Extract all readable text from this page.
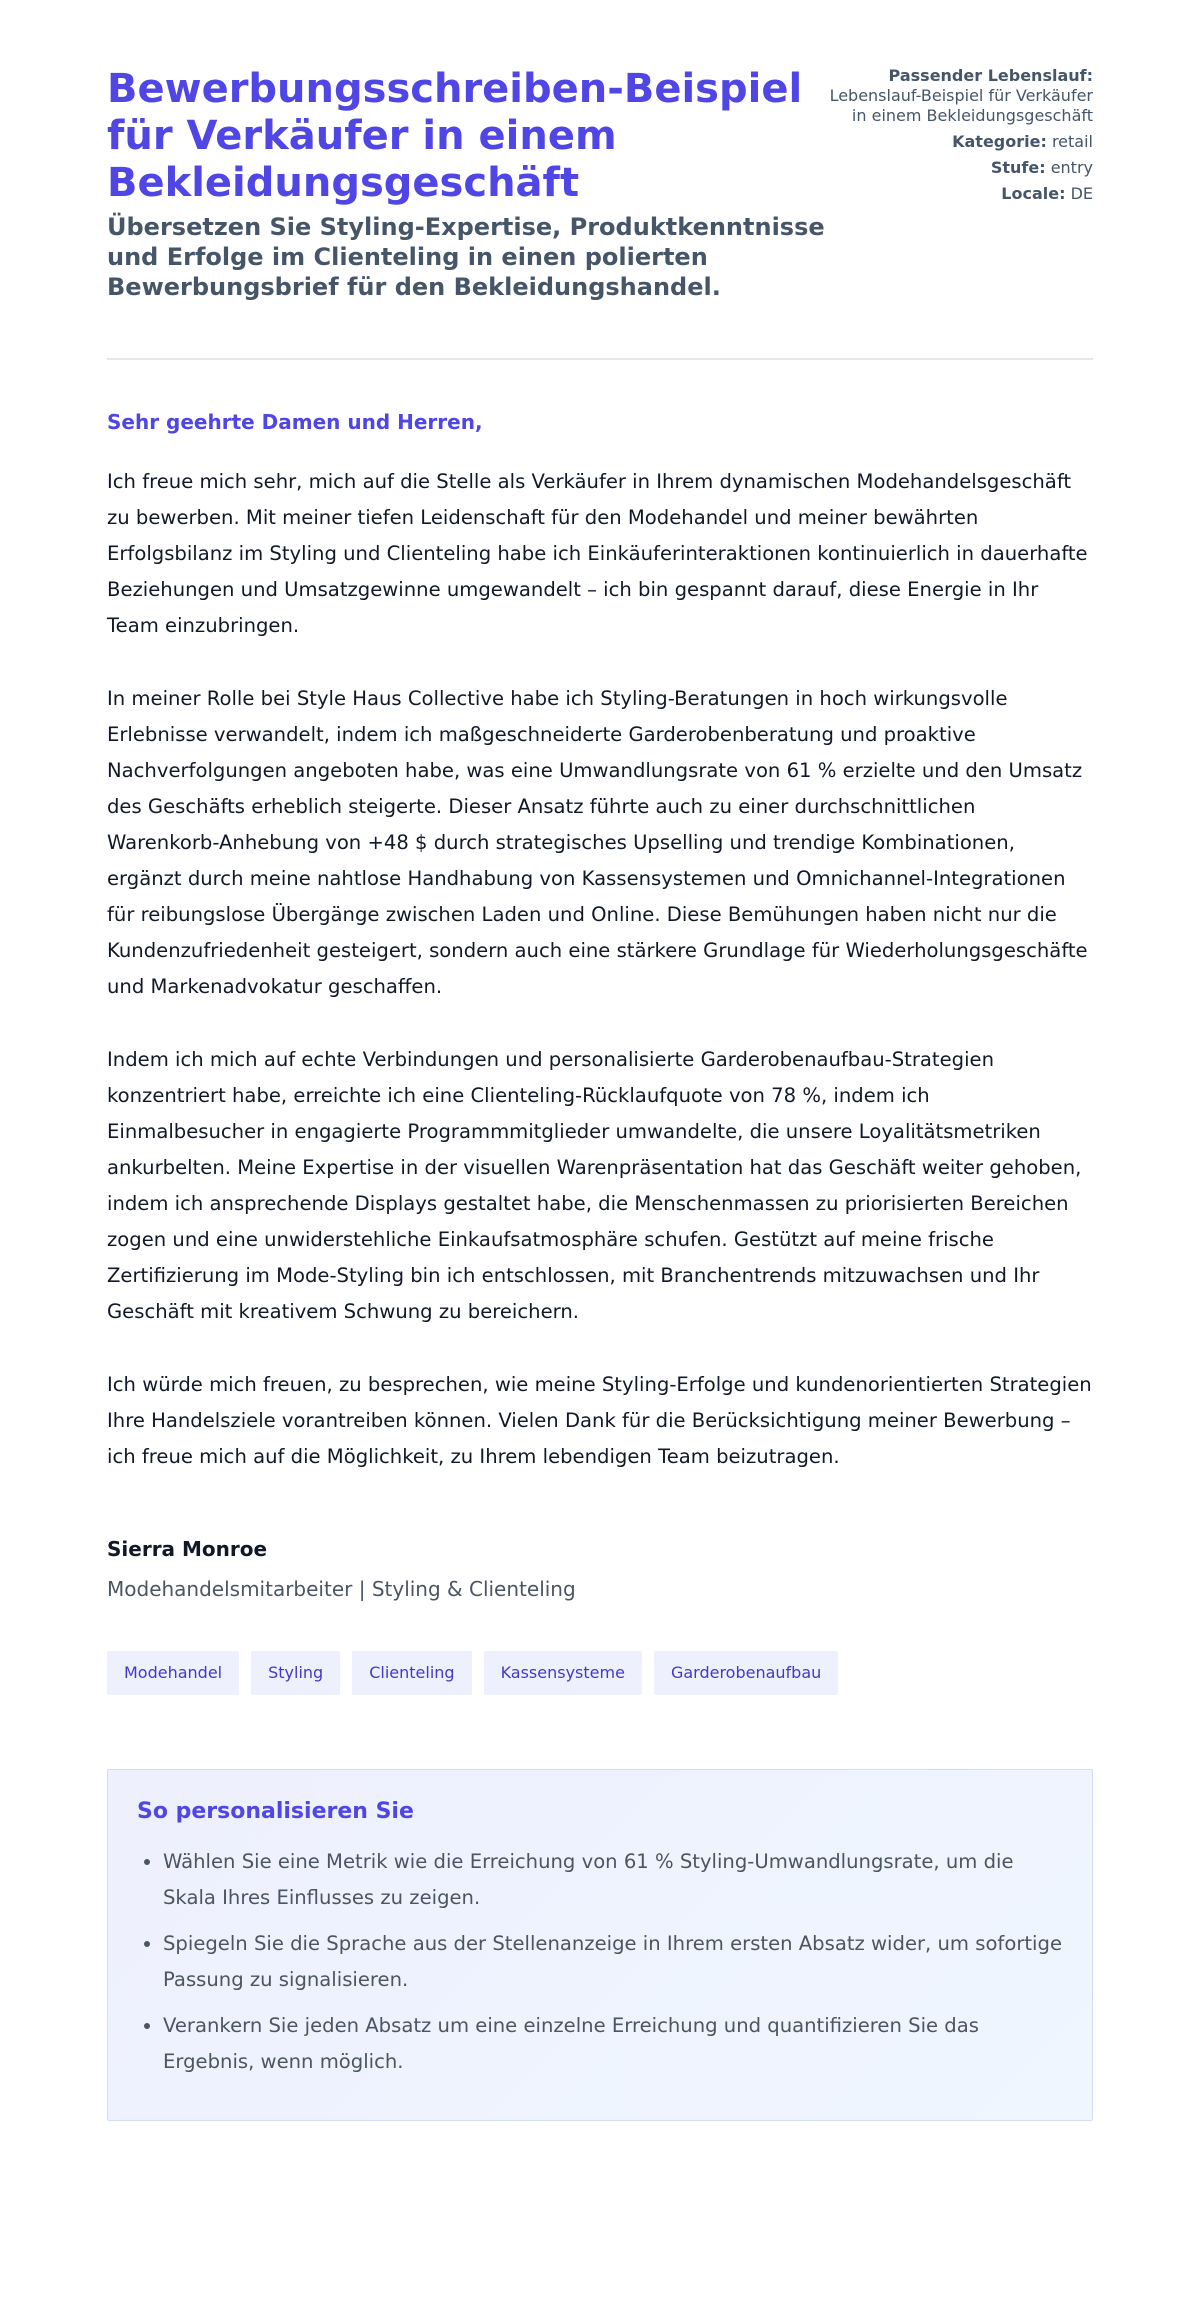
Bewerbungsschreiben-Beispiel für Verkäufer in einem Bekleidungsgeschäft
Übersetzen Sie Styling-Expertise, Produktkenntnisse und Erfolge im Clienteling in einen polierten Bewerbungsbrief für den Bekleidungshandel.
Passender Lebenslauf:
Lebenslauf-Beispiel für Verkäufer in einem Bekleidungsgeschäft
Kategorie: retail
Stufe: entry
Locale: DE
Sehr geehrte Damen und Herren,

Ich freue mich sehr, mich auf die Stelle als Verkäufer in Ihrem dynamischen Modehandelsgeschäft zu bewerben. Mit meiner tiefen Leidenschaft für den Modehandel und meiner bewährten Erfolgsbilanz im Styling und Clienteling habe ich Einkäuferinteraktionen kontinuierlich in dauerhafte Beziehungen und Umsatzgewinne umgewandelt – ich bin gespannt darauf, diese Energie in Ihr Team einzubringen.

In meiner Rolle bei Style Haus Collective habe ich Styling-Beratungen in hoch wirkungsvolle Erlebnisse verwandelt, indem ich maßgeschneiderte Garderobenberatung und proaktive Nachverfolgungen angeboten habe, was eine Umwandlungsrate von 61 % erzielte und den Umsatz des Geschäfts erheblich steigerte. Dieser Ansatz führte auch zu einer durchschnittlichen Warenkorb-Anhebung von +48 $ durch strategisches Upselling und trendige Kombinationen, ergänzt durch meine nahtlose Handhabung von Kassensystemen und Omnichannel-Integrationen für reibungslose Übergänge zwischen Laden und Online. Diese Bemühungen haben nicht nur die Kundenzufriedenheit gesteigert, sondern auch eine stärkere Grundlage für Wiederholungsgeschäfte und Markenadvokatur geschaffen.

Indem ich mich auf echte Verbindungen und personalisierte Garderobenaufbau-Strategien konzentriert habe, erreichte ich eine Clienteling-Rücklaufquote von 78 %, indem ich Einmalbesucher in engagierte Programmmitglieder umwandelte, die unsere Loyalitätsmetriken ankurbelten. Meine Expertise in der visuellen Warenpräsentation hat das Geschäft weiter gehoben, indem ich ansprechende Displays gestaltet habe, die Menschenmassen zu priorisierten Bereichen zogen und eine unwiderstehliche Einkaufsatmosphäre schufen. Gestützt auf meine frische Zertifizierung im Mode-Styling bin ich entschlossen, mit Branchentrends mitzuwachsen und Ihr Geschäft mit kreativem Schwung zu bereichern.

Ich würde mich freuen, zu besprechen, wie meine Styling-Erfolge und kundenorientierten Strategien Ihre Handelsziele vorantreiben können. Vielen Dank für die Berücksichtigung meiner Bewerbung – ich freue mich auf die Möglichkeit, zu Ihrem lebendigen Team beizutragen.

Sierra Monroe
Modehandelsmitarbeiter | Styling & Clienteling
Modehandel	Styling	Clienteling	Kassensysteme	Garderobenaufbau
So personalisieren Sie
• Wählen Sie eine Metrik wie die Erreichung von 61 % Styling-Umwandlungsrate, um die Skala Ihres Einflusses zu zeigen.
• Spiegeln Sie die Sprache aus der Stellenanzeige in Ihrem ersten Absatz wider, um sofortige Passung zu signalisieren.
• Verankern Sie jeden Absatz um eine einzelne Erreichung und quantifizieren Sie das Ergebnis, wenn möglich.
